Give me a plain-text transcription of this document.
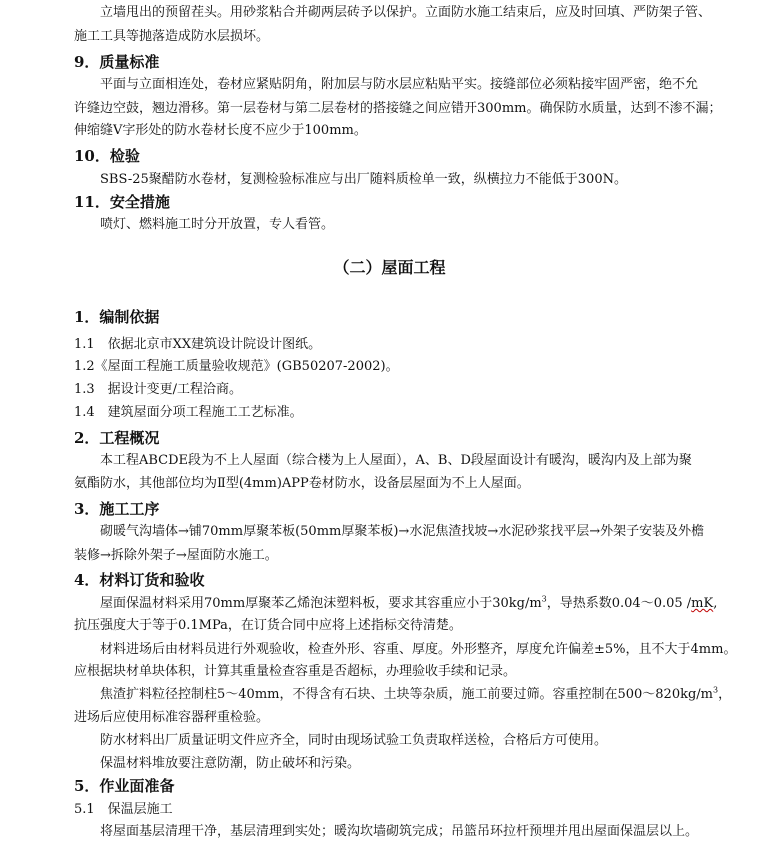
立墙甩出的预留茬头。用砂浆粘合并砌两层砖予以保护。立面防水施工结束后，应及时回填、严防架子管、
施工工具等抛落造成防水层损坏。
9．质量标准
平面与立面相连处，卷材应紧贴阴角，附加层与防水层应粘贴平实。接缝部位必须粘接牢固严密，绝不允
许缝边空鼓，翘边滑移。第一层卷材与第二层卷材的搭接缝之间应错开300mm。确保防水质量，达到不渗不漏；
伸缩缝V字形处的防水卷材长度不应少于100mm。
10．检验
SBS-25聚醋防水卷材，复测检验标准应与出厂随料质检单一致，纵横拉力不能低于300N。
11．安全措施
喷灯、燃料施工时分开放置，专人看管。
（二）屋面工程
1．编制依据
1.1　依据北京市XX建筑设计院设计图纸。
1.2《屋面工程施工质量验收规范》(GB50207-2002)。
1.3　据设计变更/工程洽商。
1.4　建筑屋面分项工程施工工艺标准。
2．工程概况
本工程ABCDE段为不上人屋面（综合楼为上人屋面），A、B、D段屋面设计有暖沟，暖沟内及上部为聚
氨酯防水，其他部位均为Ⅱ型(4mm)APP卷材防水，设备层屋面为不上人屋面。
3．施工工序
砌暖气沟墙体→铺70mm厚聚苯板(50mm厚聚苯板)→水泥焦渣找坡→水泥砂浆找平层→外架子安装及外檐
装修→拆除外架子→屋面防水施工。
4．材料订货和验收
屋面保温材料采用70mm厚聚苯乙烯泡沫塑料板，要求其容重应小于$30kg/m^3$，导热系数0.04～0.05 /mK,
抗压强度大于等于0.1MPa，在订货合同中应将上述指标交待清楚。
材料进场后由材料员进行外观验收，检查外形、容重、厚度。外形整齐，厚度允许偏差±5%，且不大于4mm。
应根据块材单块体积，计算其重量检查容重是否超标，办理验收手续和记录。
焦渣扩料粒径控制柱5～40mm，不得含有石块、土块等杂质，施工前要过筛。容重控制在$500\sim 820kg/m^3$，
进场后应使用标准容器秤重检验。
防水材料出厂质量证明文件应齐全，同时由现场试验工负责取样送检，合格后方可使用。
保温材料堆放要注意防潮，防止破坏和污染。
5．作业面准备
5.1　保温层施工
将屋面基层清理干净，基层清理到实处；暖沟坎墙砌筑完成；吊篮吊环拉杆预埋并甩出屋面保温层以上。
